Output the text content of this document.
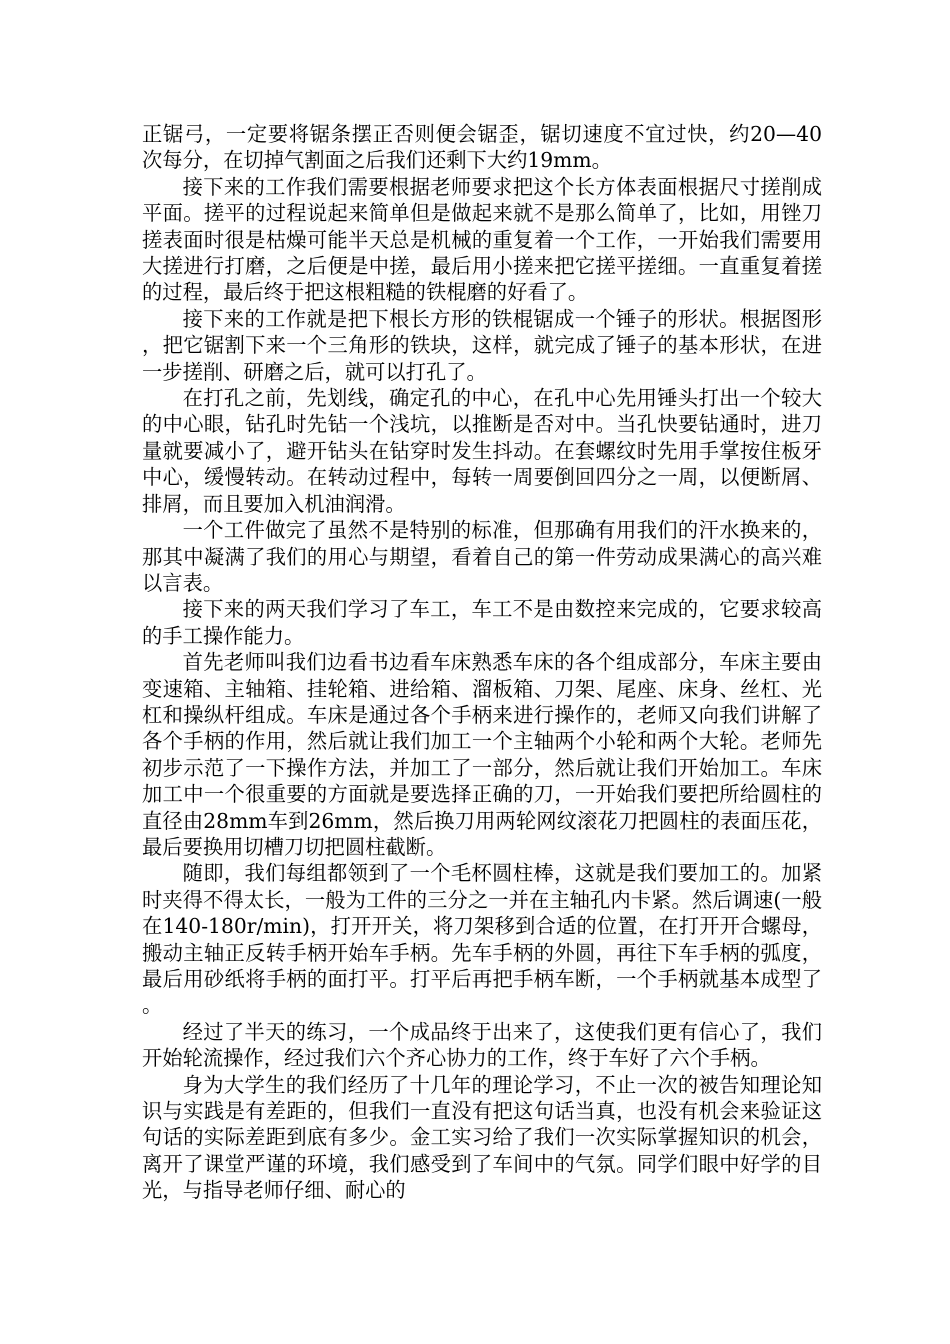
正锯弓，一定要将锯条摆正否则便会锯歪，锯切速度不宜过快，约20—40次每分，在切掉气割面之后我们还剩下大约19mm。

接下来的工作我们需要根据老师要求把这个长方体表面根据尺寸搓削成平面。搓平的过程说起来简单但是做起来就不是那么简单了，比如，用锉刀搓表面时很是枯燥可能半天总是机械的重复着一个工作，一开始我们需要用大搓进行打磨，之后便是中搓，最后用小搓来把它搓平搓细。一直重复着搓的过程，最后终于把这根粗糙的铁棍磨的好看了。

接下来的工作就是把下根长方形的铁棍锯成一个锤子的形状。根据图形，把它锯割下来一个三角形的铁块，这样，就完成了锤子的基本形状，在进一步搓削、研磨之后，就可以打孔了。

在打孔之前，先划线，确定孔的中心，在孔中心先用锤头打出一个较大的中心眼，钻孔时先钻一个浅坑，以推断是否对中。当孔快要钻通时，进刀量就要减小了，避开钻头在钻穿时发生抖动。在套螺纹时先用手掌按住板牙中心，缓慢转动。在转动过程中，每转一周要倒回四分之一周，以便断屑、排屑，而且要加入机油润滑。

一个工件做完了虽然不是特别的标准，但那确有用我们的汗水换来的，那其中凝满了我们的用心与期望，看着自己的第一件劳动成果满心的高兴难以言表。

接下来的两天我们学习了车工，车工不是由数控来完成的，它要求较高的手工操作能力。

首先老师叫我们边看书边看车床熟悉车床的各个组成部分，车床主要由变速箱、主轴箱、挂轮箱、进给箱、溜板箱、刀架、尾座、床身、丝杠、光杠和操纵杆组成。车床是通过各个手柄来进行操作的，老师又向我们讲解了各个手柄的作用，然后就让我们加工一个主轴两个小轮和两个大轮。老师先初步示范了一下操作方法，并加工了一部分，然后就让我们开始加工。车床加工中一个很重要的方面就是要选择正确的刀，一开始我们要把所给圆柱的直径由28mm车到26mm，然后换刀用两轮网纹滚花刀把圆柱的表面压花，最后要换用切槽刀切把圆柱截断。

随即，我们每组都领到了一个毛杯圆柱棒，这就是我们要加工的。加紧时夹得不得太长，一般为工件的三分之一并在主轴孔内卡紧。然后调速(一般在140-180r/min)，打开开关，将刀架移到合适的位置，在打开开合螺母，搬动主轴正反转手柄开始车手柄。先车手柄的外圆，再往下车手柄的弧度，最后用砂纸将手柄的面打平。打平后再把手柄车断，一个手柄就基本成型了。

经过了半天的练习，一个成品终于出来了，这使我们更有信心了，我们开始轮流操作，经过我们六个齐心协力的工作，终于车好了六个手柄。

身为大学生的我们经历了十几年的理论学习，不止一次的被告知理论知识与实践是有差距的，但我们一直没有把这句话当真，也没有机会来验证这句话的实际差距到底有多少。金工实习给了我们一次实际掌握知识的机会，离开了课堂严谨的环境，我们感受到了车间中的气氛。同学们眼中好学的目光，与指导老师仔细、耐心的
